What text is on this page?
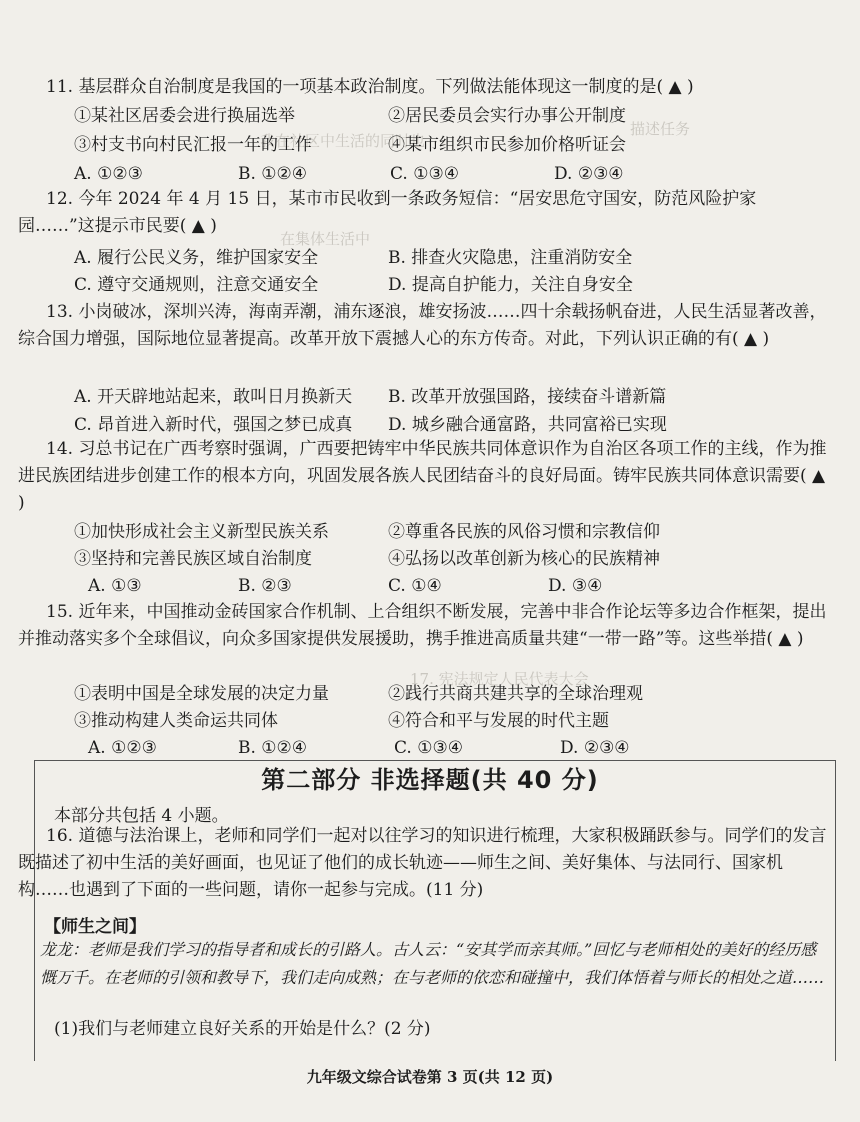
描述任务
我在社区中生活的同时也
在集体生活中
17. 宪法规定人民代表大会
11. 基层群众自治制度是我国的一项基本政治制度。下列做法能体现这一制度的是( ▲ )
①某社区居委会进行换届选举	②居民委员会实行办事公开制度
③村支书向村民汇报一年的工作	④某市组织市民参加价格听证会
A. ①②③	B. ①②④	C. ①③④	D. ②③④
12. 今年 2024 年 4 月 15 日，某市市民收到一条政务短信：“居安思危守国安，防范风险护家园……”这提示市民要( ▲ )
A. 履行公民义务，维护国家安全	B. 排查火灾隐患，注重消防安全
C. 遵守交通规则，注意交通安全	D. 提高自护能力，关注自身安全
13. 小岗破冰，深圳兴涛，海南弄潮，浦东逐浪，雄安扬波……四十余载扬帆奋进，人民生活显著改善，综合国力增强，国际地位显著提高。改革开放下震撼人心的东方传奇。对此，下列认识正确的有( ▲ )
A. 开天辟地站起来，敢叫日月换新天 B. 改革开放强国路，接续奋斗谱新篇
C. 昂首进入新时代，强国之梦已成真 D. 城乡融合通富路，共同富裕已实现
14. 习总书记在广西考察时强调，广西要把铸牢中华民族共同体意识作为自治区各项工作的主线，作为推进民族团结进步创建工作的根本方向，巩固发展各族人民团结奋斗的良好局面。铸牢民族共同体意识需要( ▲ )
①加快形成社会主义新型民族关系	②尊重各民族的风俗习惯和宗教信仰
③坚持和完善民族区域自治制度	④弘扬以改革创新为核心的民族精神
A. ①③	B. ②③	C. ①④	D. ③④
15. 近年来，中国推动金砖国家合作机制、上合组织不断发展，完善中非合作论坛等多边合作框架，提出并推动落实多个全球倡议，向众多国家提供发展援助，携手推进高质量共建“一带一路”等。这些举措( ▲ )
①表明中国是全球发展的决定力量	②践行共商共建共享的全球治理观
③推动构建人类命运共同体	④符合和平与发展的时代主题
A. ①②③	B. ①②④	C. ①③④	D. ②③④
第二部分 非选择题(共 40 分)
本部分共包括 4 小题。
16. 道德与法治课上，老师和同学们一起对以往学习的知识进行梳理，大家积极踊跃参与。同学们的发言既描述了初中生活的美好画面，也见证了他们的成长轨迹——师生之间、美好集体、与法同行、国家机构……也遇到了下面的一些问题，请你一起参与完成。(11 分)
【师生之间】
龙龙：老师是我们学习的指导者和成长的引路人。古人云：“安其学而亲其师。”回忆与老师相处的美好的经历感慨万千。在老师的引领和教导下，我们走向成熟；在与老师的依恋和碰撞中，我们体悟着与师长的相处之道……
(1)我们与老师建立良好关系的开始是什么？(2 分)
九年级文综合试卷第 3 页(共 12 页)
